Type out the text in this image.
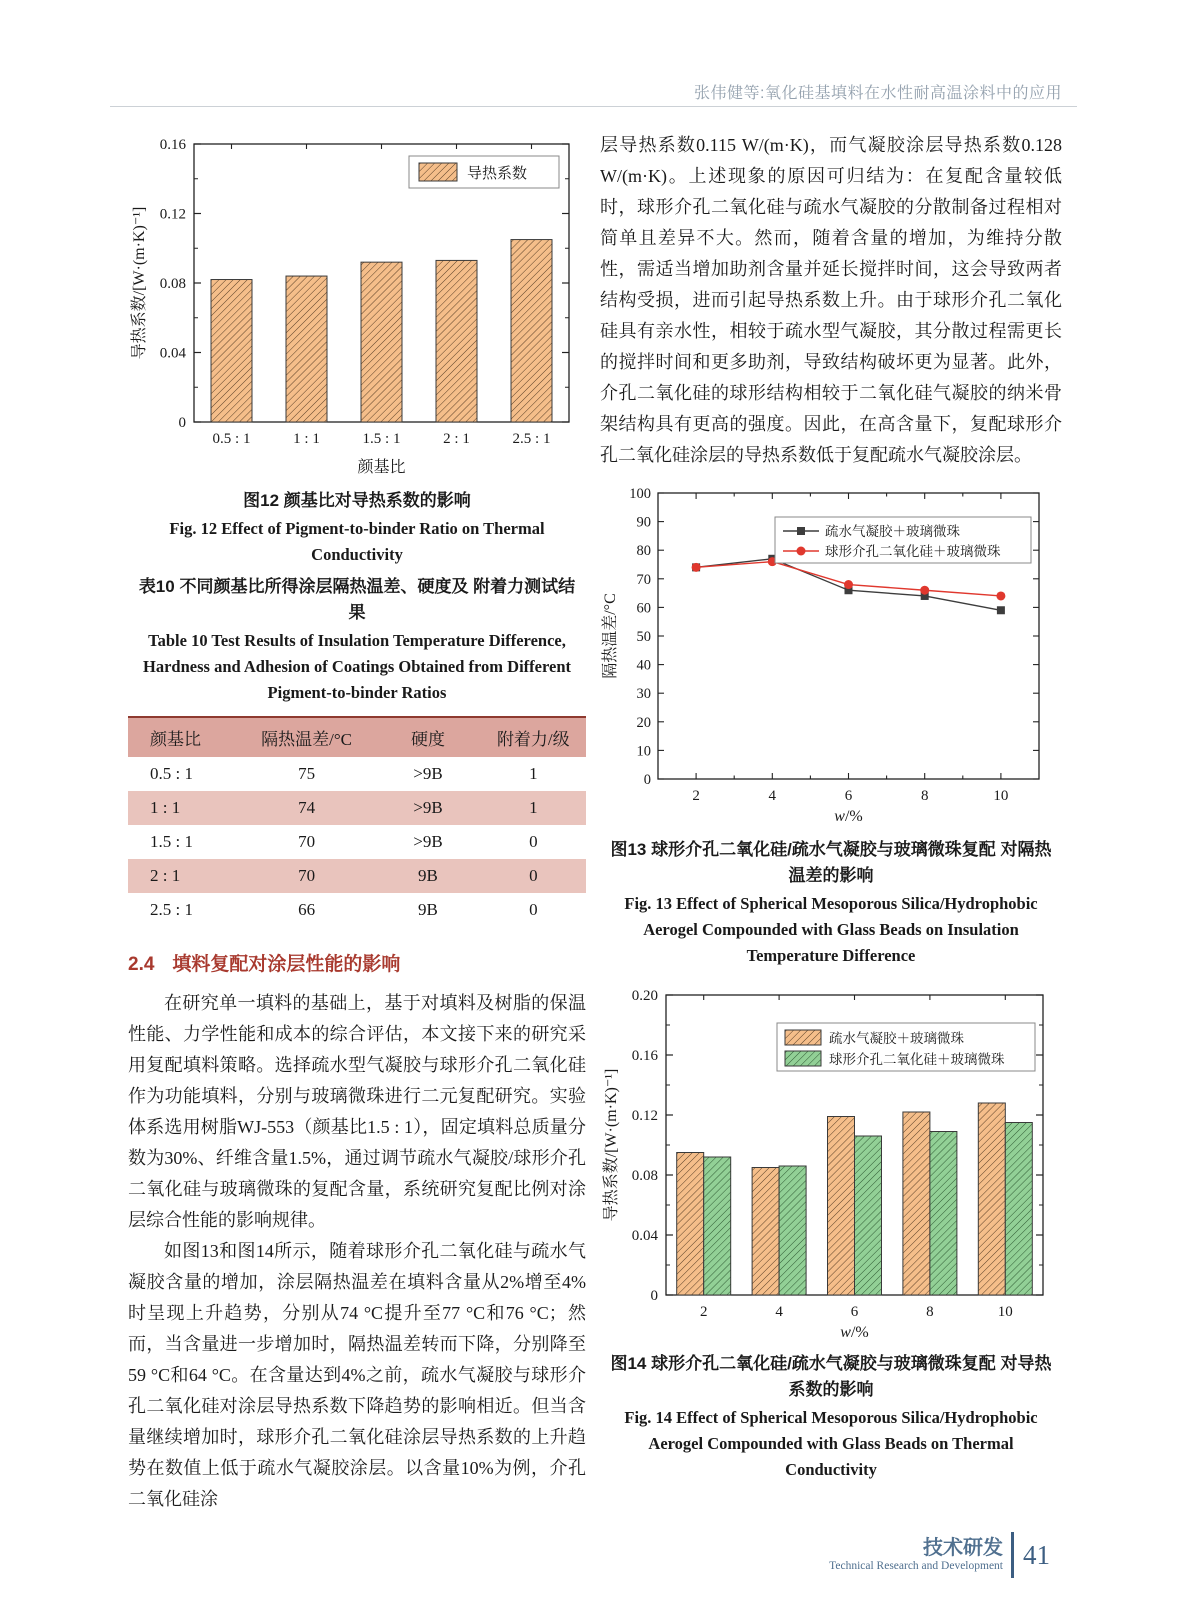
张伟健等:氧化硅基填料在水性耐高温涂料中的应用
0
0.04
0.08
0.12
0.16
0.5 : 1	1 : 1	1.5 : 1	2 : 1	2.5 : 1
导热系数
颜基比
导热系数/[W·(m·K)⁻¹]
图12 颜基比对导热系数的影响
Fig. 12 Effect of Pigment-to-binder Ratio on Thermal Conductivity
表10 不同颜基比所得涂层隔热温差、硬度及 附着力测试结果
Table 10 Test Results of Insulation Temperature Difference, Hardness and Adhesion of Coatings Obtained from Different Pigment-to-binder Ratios
颜基比	隔热温差/°C	硬度	附着力/级
0.5 : 1	75	>9B	1
1 : 1	74	>9B	1
1.5 : 1	70	>9B	0
2 : 1	70	9B	0
2.5 : 1	66	9B	0
2.4 填料复配对涂层性能的影响

在研究单一填料的基础上，基于对填料及树脂的保温性能、力学性能和成本的综合评估，本文接下来的研究采用复配填料策略。选择疏水型气凝胶与球形介孔二氧化硅作为功能填料，分别与玻璃微珠进行二元复配研究。实验体系选用树脂WJ-553（颜基比1.5 : 1），固定填料总质量分数为30%、纤维含量1.5%，通过调节疏水气凝胶/球形介孔二氧化硅与玻璃微珠的复配含量，系统研究复配比例对涂层综合性能的影响规律。

如图13和图14所示，随着球形介孔二氧化硅与疏水气凝胶含量的增加，涂层隔热温差在填料含量从2%增至4%时呈现上升趋势，分别从74 °C提升至77 °C和76 °C；然而，当含量进一步增加时，隔热温差转而下降，分别降至59 °C和64 °C。在含量达到4%之前，疏水气凝胶与球形介孔二氧化硅对涂层导热系数下降趋势的影响相近。但当含量继续增加时，球形介孔二氧化硅涂层导热系数的上升趋势在数值上低于疏水气凝胶涂层。以含量10%为例，介孔二氧化硅涂

层导热系数0.115 W/(m·K)，而气凝胶涂层导热系数0.128 W/(m·K)。上述现象的原因可归结为：在复配含量较低时，球形介孔二氧化硅与疏水气凝胶的分散制备过程相对简单且差异不大。然而，随着含量的增加，为维持分散性，需适当增加助剂含量并延长搅拌时间，这会导致两者结构受损，进而引起导热系数上升。由于球形介孔二氧化硅具有亲水性，相较于疏水型气凝胶，其分散过程需更长的搅拌时间和更多助剂，导致结构破坏更为显著。此外，介孔二氧化硅的球形结构相较于二氧化硅气凝胶的纳米骨架结构具有更高的强度。因此，在高含量下，复配球形介孔二氧化硅涂层的导热系数低于复配疏水气凝胶涂层。

0
10
20
30
40
50
60
70
80
90
100
2	4	6	8	10
疏水气凝胶＋玻璃微珠
球形介孔二氧化硅＋玻璃微珠
w/%
隔热温差/°C
图13 球形介孔二氧化硅/疏水气凝胶与玻璃微珠复配 对隔热温差的影响
Fig. 13 Effect of Spherical Mesoporous Silica/Hydrophobic Aerogel Compounded with Glass Beads on Insulation Temperature Difference
0
0.04
0.08
0.12
0.16
0.20
2	4	6	8	10
疏水气凝胶＋玻璃微珠
球形介孔二氧化硅＋玻璃微珠
w/%
导热系数/[W·(m·K)⁻¹]
图14 球形介孔二氧化硅/疏水气凝胶与玻璃微珠复配 对导热系数的影响
Fig. 14 Effect of Spherical Mesoporous Silica/Hydrophobic Aerogel Compounded with Glass Beads on Thermal Conductivity
技术研发
Technical Research and Development 41
